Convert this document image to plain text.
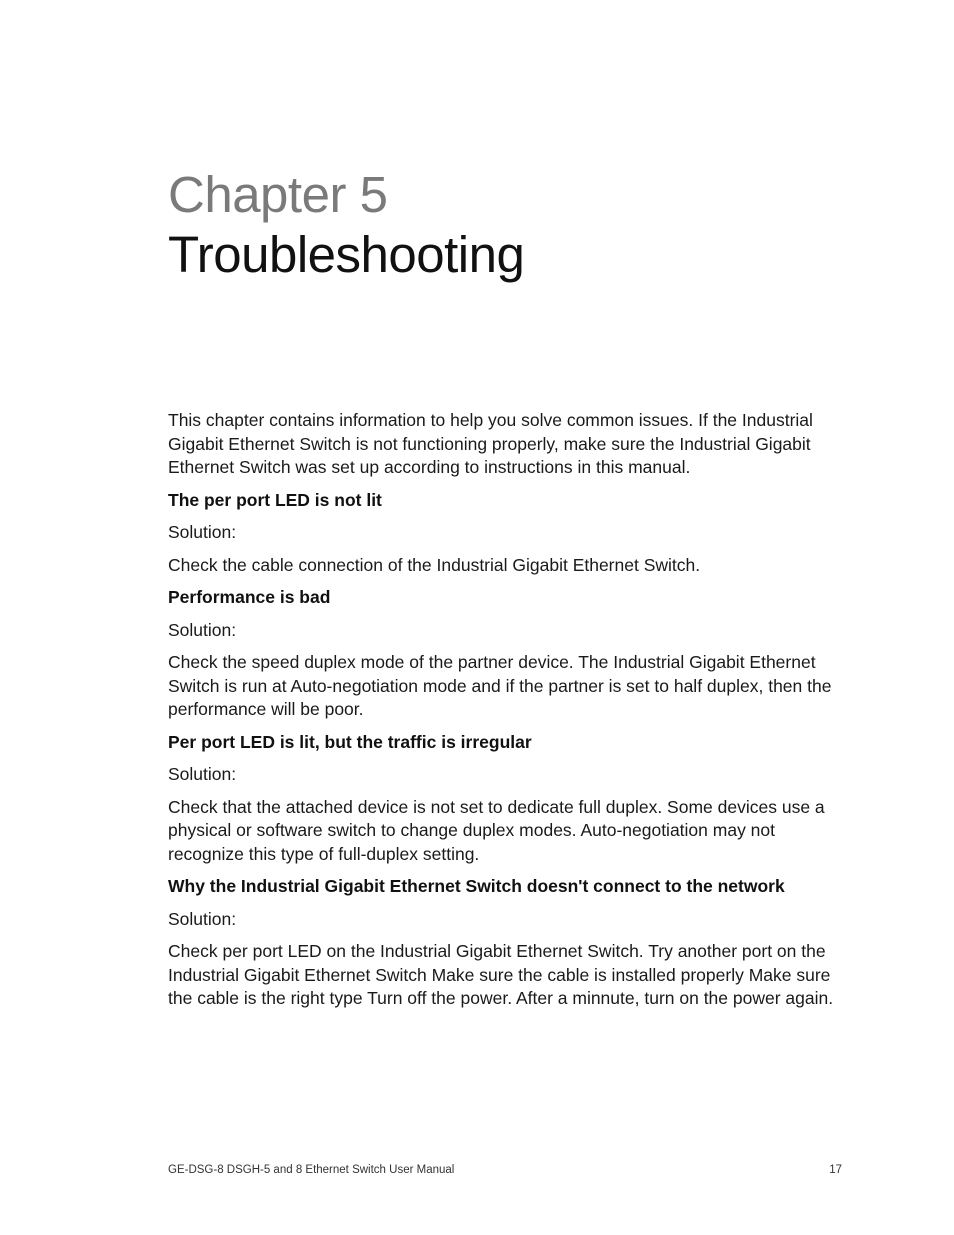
Chapter 5
Troubleshooting

This chapter contains information to help you solve common issues. If the Industrial Gigabit Ethernet Switch is not functioning properly, make sure the Industrial Gigabit Ethernet Switch was set up according to instructions in this manual.

The per port LED is not lit

Solution:

Check the cable connection of the Industrial Gigabit Ethernet Switch.

Performance is bad

Solution:

Check the speed duplex mode of the partner device. The Industrial Gigabit Ethernet Switch is run at Auto-negotiation mode and if the partner is set to half duplex, then the performance will be poor.

Per port LED is lit, but the traffic is irregular

Solution:

Check that the attached device is not set to dedicate full duplex. Some devices use a physical or software switch to change duplex modes. Auto-negotiation may not recognize this type of full-duplex setting.

Why the Industrial Gigabit Ethernet Switch doesn't connect to the network

Solution:

Check per port LED on the Industrial Gigabit Ethernet Switch. Try another port on the Industrial Gigabit Ethernet Switch Make sure the cable is installed properly Make sure the cable is the right type Turn off the power. After a minnute, turn on the power again.

GE-DSG-8 DSGH-5 and 8 Ethernet Switch User Manual	17
